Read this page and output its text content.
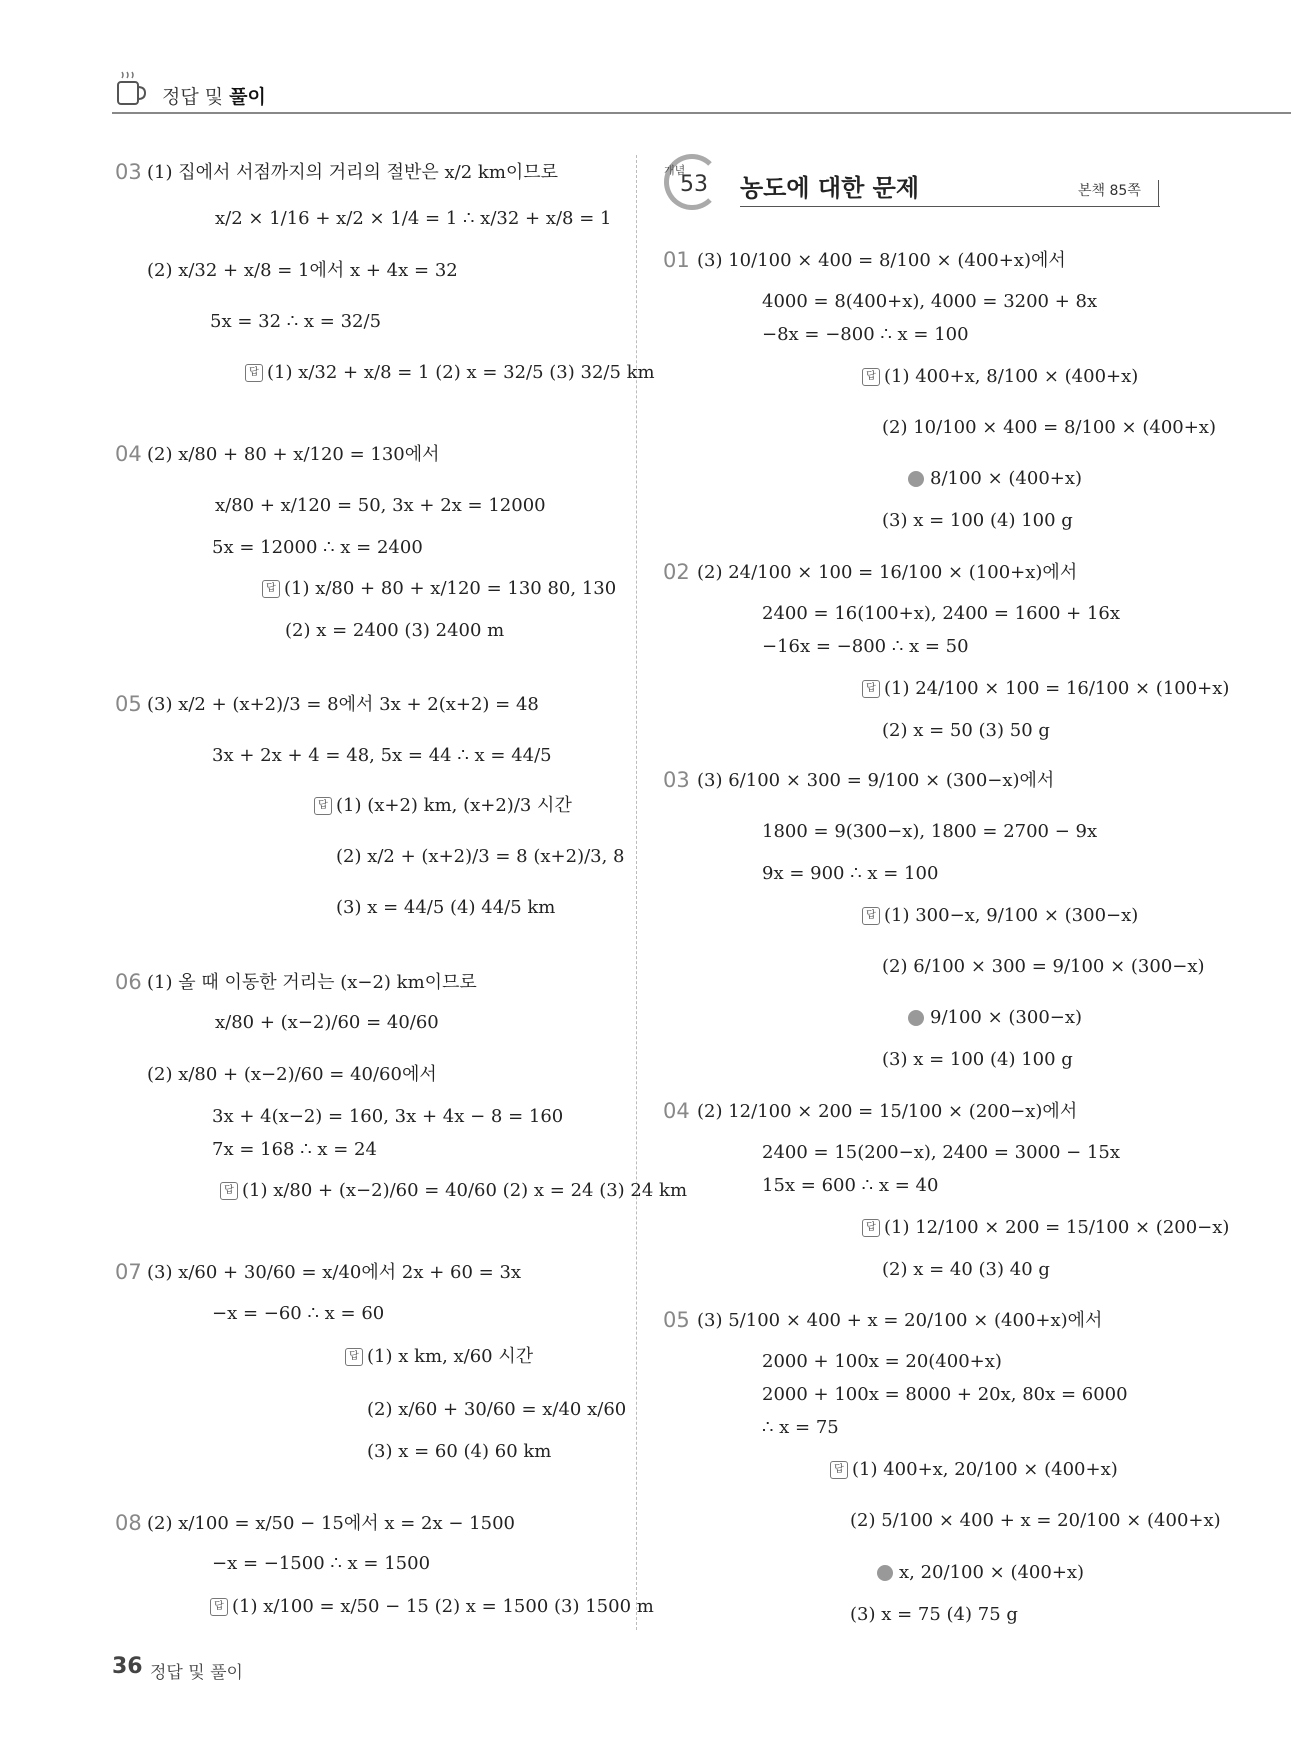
정답 및 풀이
개념
53 농도에 대한 문제	본책 85쪽
03 (1) 집에서 서점까지의 거리의 절반은 x/2 km이므로
x/2 × 1/16 + x/2 × 1/4 = 1 ∴ x/32 + x/8 = 1
(2) x/32 + x/8 = 1에서 x + 4x = 32
5x = 32 ∴ x = 32/5
답 (1) x/32 + x/8 = 1 (2) x = 32/5 (3) 32/5 km
04 (2) x/80 + 80 + x/120 = 130에서
x/80 + x/120 = 50, 3x + 2x = 12000
5x = 12000 ∴ x = 2400
답 (1) x/80 + 80 + x/120 = 130 80, 130
(2) x = 2400 (3) 2400 m
05 (3) x/2 + (x+2)/3 = 8에서 3x + 2(x+2) = 48
3x + 2x + 4 = 48, 5x = 44 ∴ x = 44/5
답 (1) (x+2) km, (x+2)/3 시간
(2) x/2 + (x+2)/3 = 8 (x+2)/3, 8
(3) x = 44/5 (4) 44/5 km
06 (1) 올 때 이동한 거리는 (x−2) km이므로
x/80 + (x−2)/60 = 40/60
(2) x/80 + (x−2)/60 = 40/60에서
3x + 4(x−2) = 160, 3x + 4x − 8 = 160
7x = 168 ∴ x = 24
답 (1) x/80 + (x−2)/60 = 40/60 (2) x = 24 (3) 24 km
07 (3) x/60 + 30/60 = x/40에서 2x + 60 = 3x
−x = −60 ∴ x = 60
답 (1) x km, x/60 시간
(2) x/60 + 30/60 = x/40 x/60
(3) x = 60 (4) 60 km
08 (2) x/100 = x/50 − 15에서 x = 2x − 1500
−x = −1500 ∴ x = 1500
답 (1) x/100 = x/50 − 15 (2) x = 1500 (3) 1500 m
01 (3) 10/100 × 400 = 8/100 × (400+x)에서
4000 = 8(400+x), 4000 = 3200 + 8x
−8x = −800 ∴ x = 100
답 (1) 400+x, 8/100 × (400+x)
(2) 10/100 × 400 = 8/100 × (400+x)
8/100 × (400+x)
(3) x = 100 (4) 100 g
02 (2) 24/100 × 100 = 16/100 × (100+x)에서
2400 = 16(100+x), 2400 = 1600 + 16x
−16x = −800 ∴ x = 50
답 (1) 24/100 × 100 = 16/100 × (100+x)
(2) x = 50 (3) 50 g
03 (3) 6/100 × 300 = 9/100 × (300−x)에서
1800 = 9(300−x), 1800 = 2700 − 9x
9x = 900 ∴ x = 100
답 (1) 300−x, 9/100 × (300−x)
(2) 6/100 × 300 = 9/100 × (300−x)
9/100 × (300−x)
(3) x = 100 (4) 100 g
04 (2) 12/100 × 200 = 15/100 × (200−x)에서
2400 = 15(200−x), 2400 = 3000 − 15x
15x = 600 ∴ x = 40
답 (1) 12/100 × 200 = 15/100 × (200−x)
(2) x = 40 (3) 40 g
05 (3) 5/100 × 400 + x = 20/100 × (400+x)에서
2000 + 100x = 20(400+x)
2000 + 100x = 8000 + 20x, 80x = 6000
∴ x = 75
답 (1) 400+x, 20/100 × (400+x)
(2) 5/100 × 400 + x = 20/100 × (400+x)
x, 20/100 × (400+x)
(3) x = 75 (4) 75 g
36 정답 및 풀이
